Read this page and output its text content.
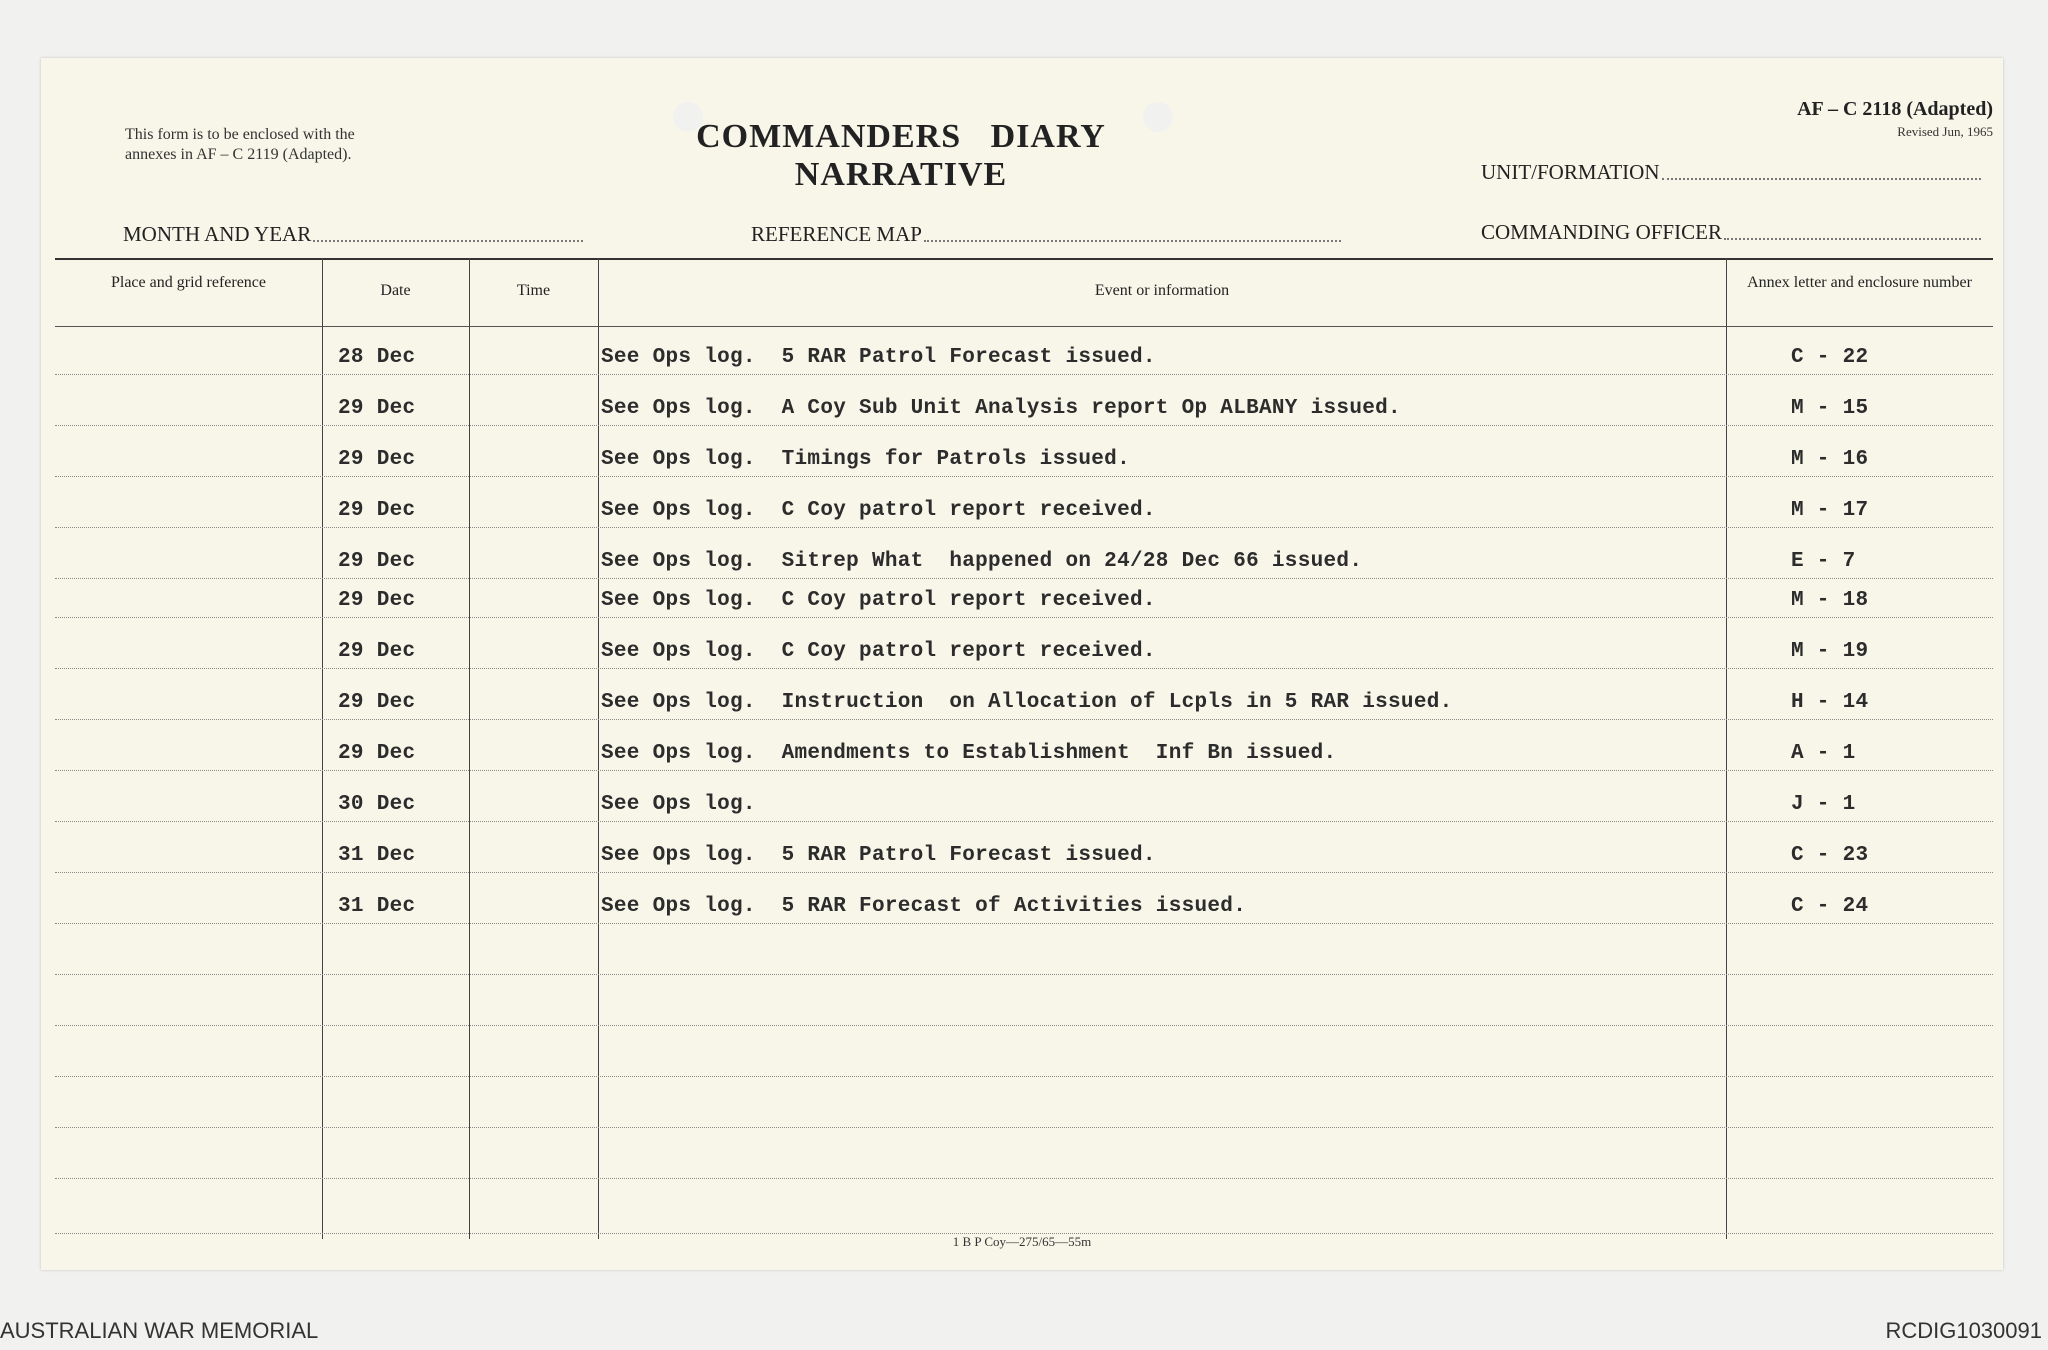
This form is to be enclosed with the
annexes in AF – C 2119 (Adapted).	COMMANDERS DIARY NARRATIVE
AF – C 2118 (Adapted)
Revised Jun, 1965
UNIT/FORMATION
MONTH AND YEAR	REFERENCE MAP	COMMANDING OFFICER
Place and grid reference	Date	Time	Event or information	Annex letter and enclosure number
28 Dec	See Ops log.  5 RAR Patrol Forecast issued.	C - 22
29 Dec	See Ops log.  A Coy Sub Unit Analysis report Op ALBANY issued.	M - 15
29 Dec	See Ops log.  Timings for Patrols issued.	M - 16
29 Dec	See Ops log.  C Coy patrol report received.	M - 17
29 Dec	See Ops log.  Sitrep What  happened on 24/28 Dec 66 issued.	E - 7
29 Dec	See Ops log.  C Coy patrol report received.	M - 18
29 Dec	See Ops log.  C Coy patrol report received.	M - 19
29 Dec	See Ops log.  Instruction  on Allocation of Lcpls in 5 RAR issued.	H - 14
29 Dec	See Ops log.  Amendments to Establishment  Inf Bn issued.	A - 1
30 Dec	See Ops log.	J - 1
31 Dec	See Ops log.  5 RAR Patrol Forecast issued.	C - 23
31 Dec	See Ops log.  5 RAR Forecast of Activities issued.	C - 24
1 B P Coy—275/65—55m
AUSTRALIAN WAR MEMORIAL	RCDIG1030091
